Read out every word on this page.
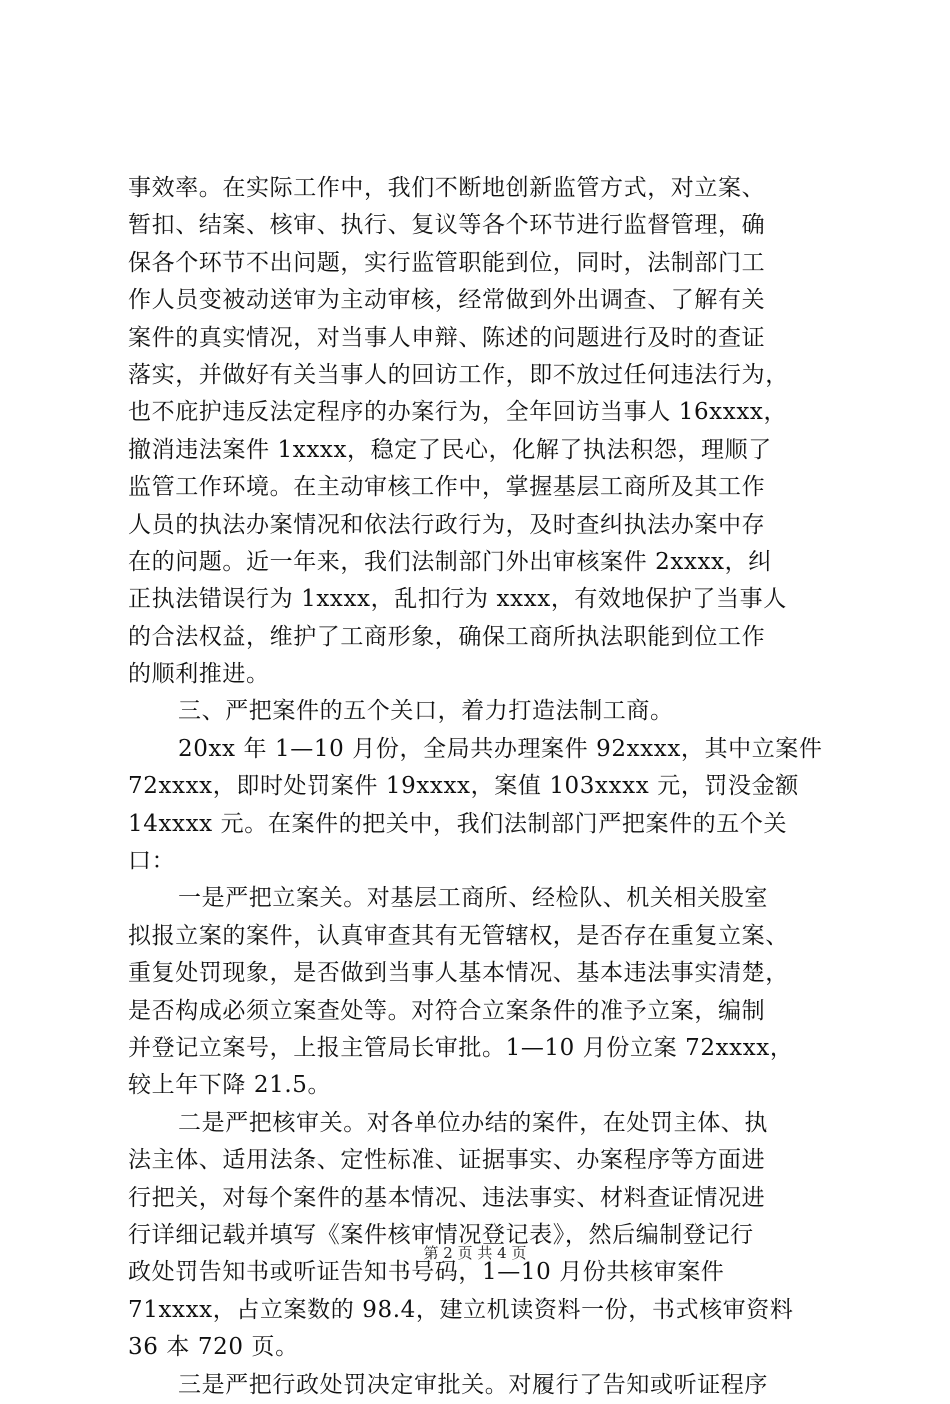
事效率。在实际工作中，我们不断地创新监管方式，对立案、
暂扣、结案、核审、执行、复议等各个环节进行监督管理，确
保各个环节不出问题，实行监管职能到位，同时，法制部门工
作人员变被动送审为主动审核，经常做到外出调查、了解有关
案件的真实情况，对当事人申辩、陈述的问题进行及时的查证
落实，并做好有关当事人的回访工作，即不放过任何违法行为，
也不庇护违反法定程序的办案行为，全年回访当事人 16xxxx，
撤消违法案件 1xxxx，稳定了民心，化解了执法积怨，理顺了
监管工作环境。在主动审核工作中，掌握基层工商所及其工作
人员的执法办案情况和依法行政行为，及时查纠执法办案中存
在的问题。近一年来，我们法制部门外出审核案件 2xxxx，纠
正执法错误行为 1xxxx，乱扣行为 xxxx，有效地保护了当事人
的合法权益，维护了工商形象，确保工商所执法职能到位工作
的顺利推进。
三、严把案件的五个关口，着力打造法制工商。
20xx 年 1—10 月份，全局共办理案件 92xxxx，其中立案件
72xxxx，即时处罚案件 19xxxx，案值 103xxxx 元，罚没金额
14xxxx 元。在案件的把关中，我们法制部门严把案件的五个关
口：
一是严把立案关。对基层工商所、经检队、机关相关股室
拟报立案的案件，认真审查其有无管辖权，是否存在重复立案、
重复处罚现象，是否做到当事人基本情况、基本违法事实清楚，
是否构成必须立案查处等。对符合立案条件的准予立案，编制
并登记立案号，上报主管局长审批。1—10 月份立案 72xxxx，
较上年下降 21.5。
二是严把核审关。对各单位办结的案件，在处罚主体、执
法主体、适用法条、定性标准、证据事实、办案程序等方面进
行把关，对每个案件的基本情况、违法事实、材料查证情况进
行详细记载并填写《案件核审情况登记表》，然后编制登记行
政处罚告知书或听证告知书号码，1—10 月份共核审案件
71xxxx，占立案数的 98.4，建立机读资料一份，书式核审资料
36 本 720 页。
三是严把行政处罚决定审批关。对履行了告知或听证程序
第 2 页 共 4 页
